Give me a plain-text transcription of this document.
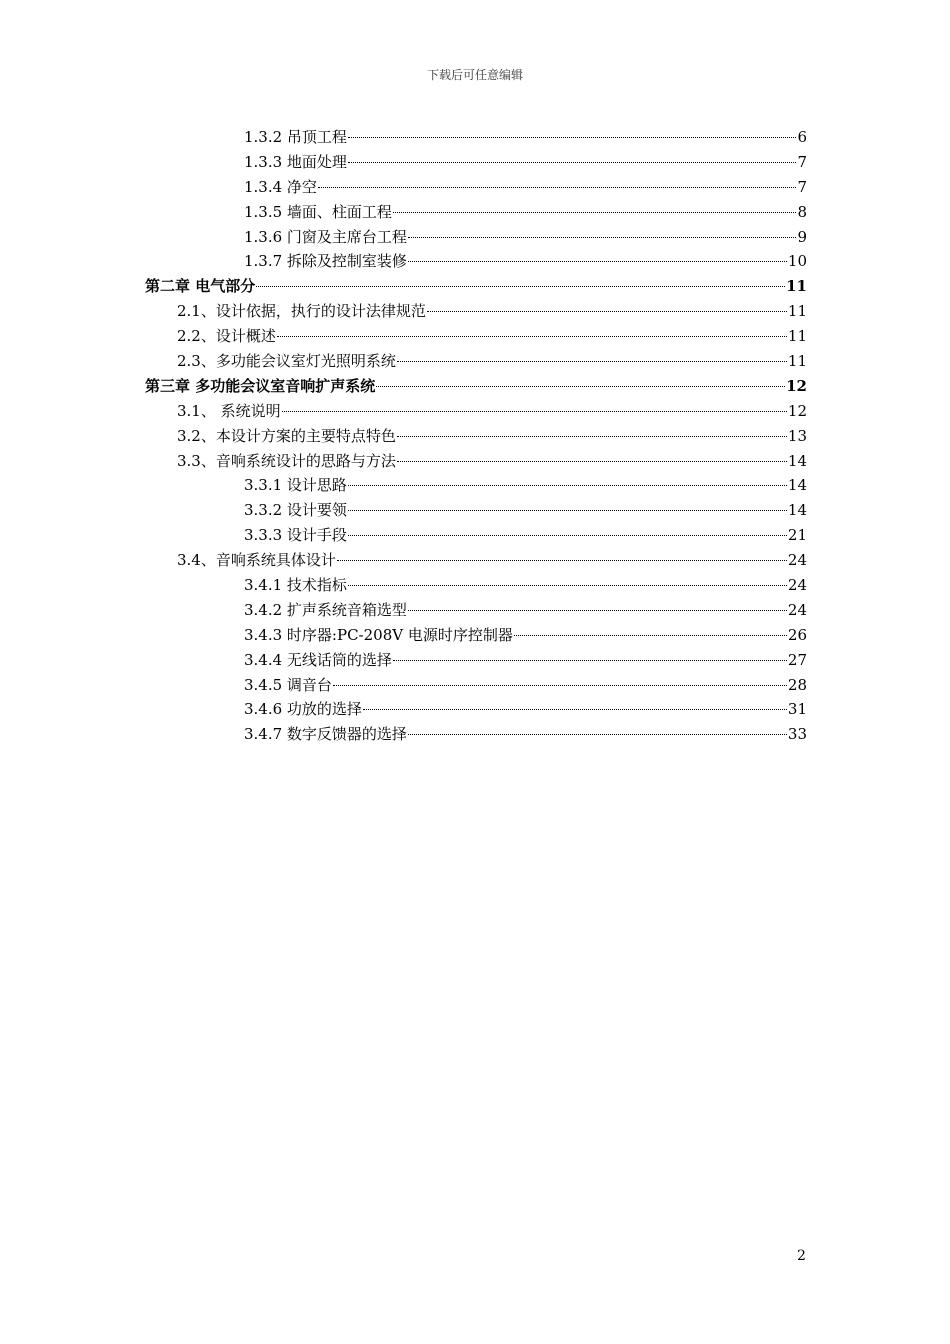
下载后可任意编辑
1.3.2 吊顶工程	6
1.3.3 地面处理	7
1.3.4 净空	7
1.3.5 墙面、柱面工程	8
1.3.6 门窗及主席台工程	9
1.3.7 拆除及控制室装修	10
第二章 电气部分	11
2.1、设计依据，执行的设计法律规范	11
2.2、设计概述	11
2.3、多功能会议室灯光照明系统	11
第三章 多功能会议室音响扩声系统	12
3.1、 系统说明	12
3.2、本设计方案的主要特点特色	13
3.3、音响系统设计的思路与方法	14
3.3.1 设计思路	14
3.3.2 设计要领	14
3.3.3 设计手段	21
3.4、音响系统具体设计	24
3.4.1 技术指标	24
3.4.2 扩声系统音箱选型	24
3.4.3 时序器:PC-208V 电源时序控制器	26
3.4.4 无线话筒的选择	27
3.4.5 调音台	28
3.4.6 功放的选择	31
3.4.7 数字反馈器的选择	33
2
